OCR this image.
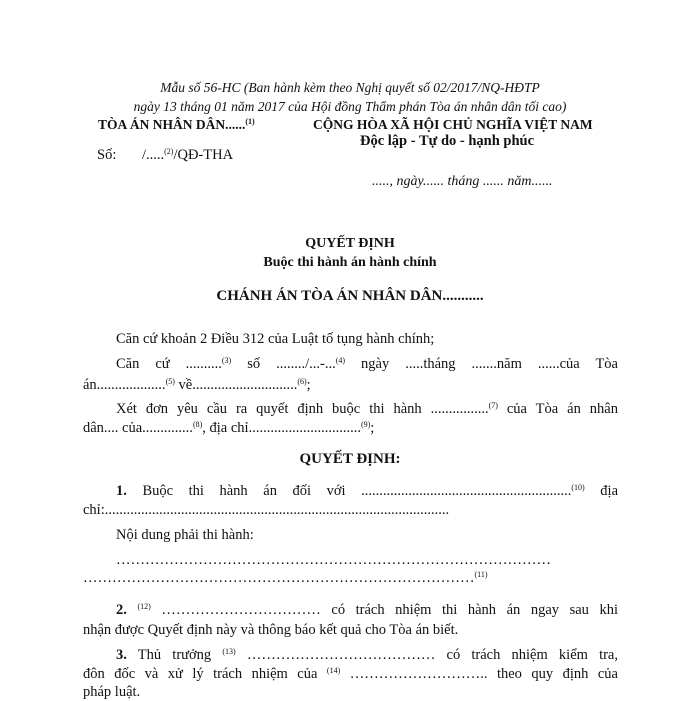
Mẫu số 56-HC (Ban hành kèm theo Nghị quyết số 02/2017/NQ-HĐTP
ngày 13 tháng 01 năm 2017 của Hội đồng Thẩm phán Tòa án nhân dân tối cao)
TÒA ÁN NHÂN DÂN......$^{(1)}$
Số: /.....$^{(2)}$/QĐ-THA
CỘNG HÒA XÃ HỘI CHỦ NGHĨA VIỆT NAM
Độc lập - Tự do - hạnh phúc
....., ngày...... tháng ...... năm......
QUYẾT ĐỊNH
Buộc thi hành án hành chính
CHÁNH ÁN TÒA ÁN NHÂN DÂN...........
Căn cứ khoản 2 Điều 312 của Luật tố tụng hành chính;
Căn cứ ..........$^{(3)}$ số ......../...-...$^{(4)}$ ngày .....tháng .......năm ......của Tòa
án...................$^{(5)}$ về.............................$^{(6)}$;
Xét đơn yêu cầu ra quyết định buộc thi hành ................$^{(7)}$ của Tòa án nhân
dân.... của..............$^{(8)}$, địa chỉ...............................$^{(9)}$;
QUYẾT ĐỊNH:
1. Buộc thi hành án đối với ..........................................................$^{(10)}$ địa
chỉ:...............................................................................................
Nội dung phải thi hành:
………………………………………………………………………………
………………………………………………………………………$^{(11)}$
2. $^{(12)}$ …………………………… có trách nhiệm thi hành án ngay sau khi
nhận được Quyết định này và thông báo kết quả cho Tòa án biết.
3. Thủ trưởng $^{(13)}$ ………………………………… có trách nhiệm kiểm tra,
đôn đốc và xử lý trách nhiệm của $^{(14)}$ ……………………….. theo quy định của
pháp luật.
